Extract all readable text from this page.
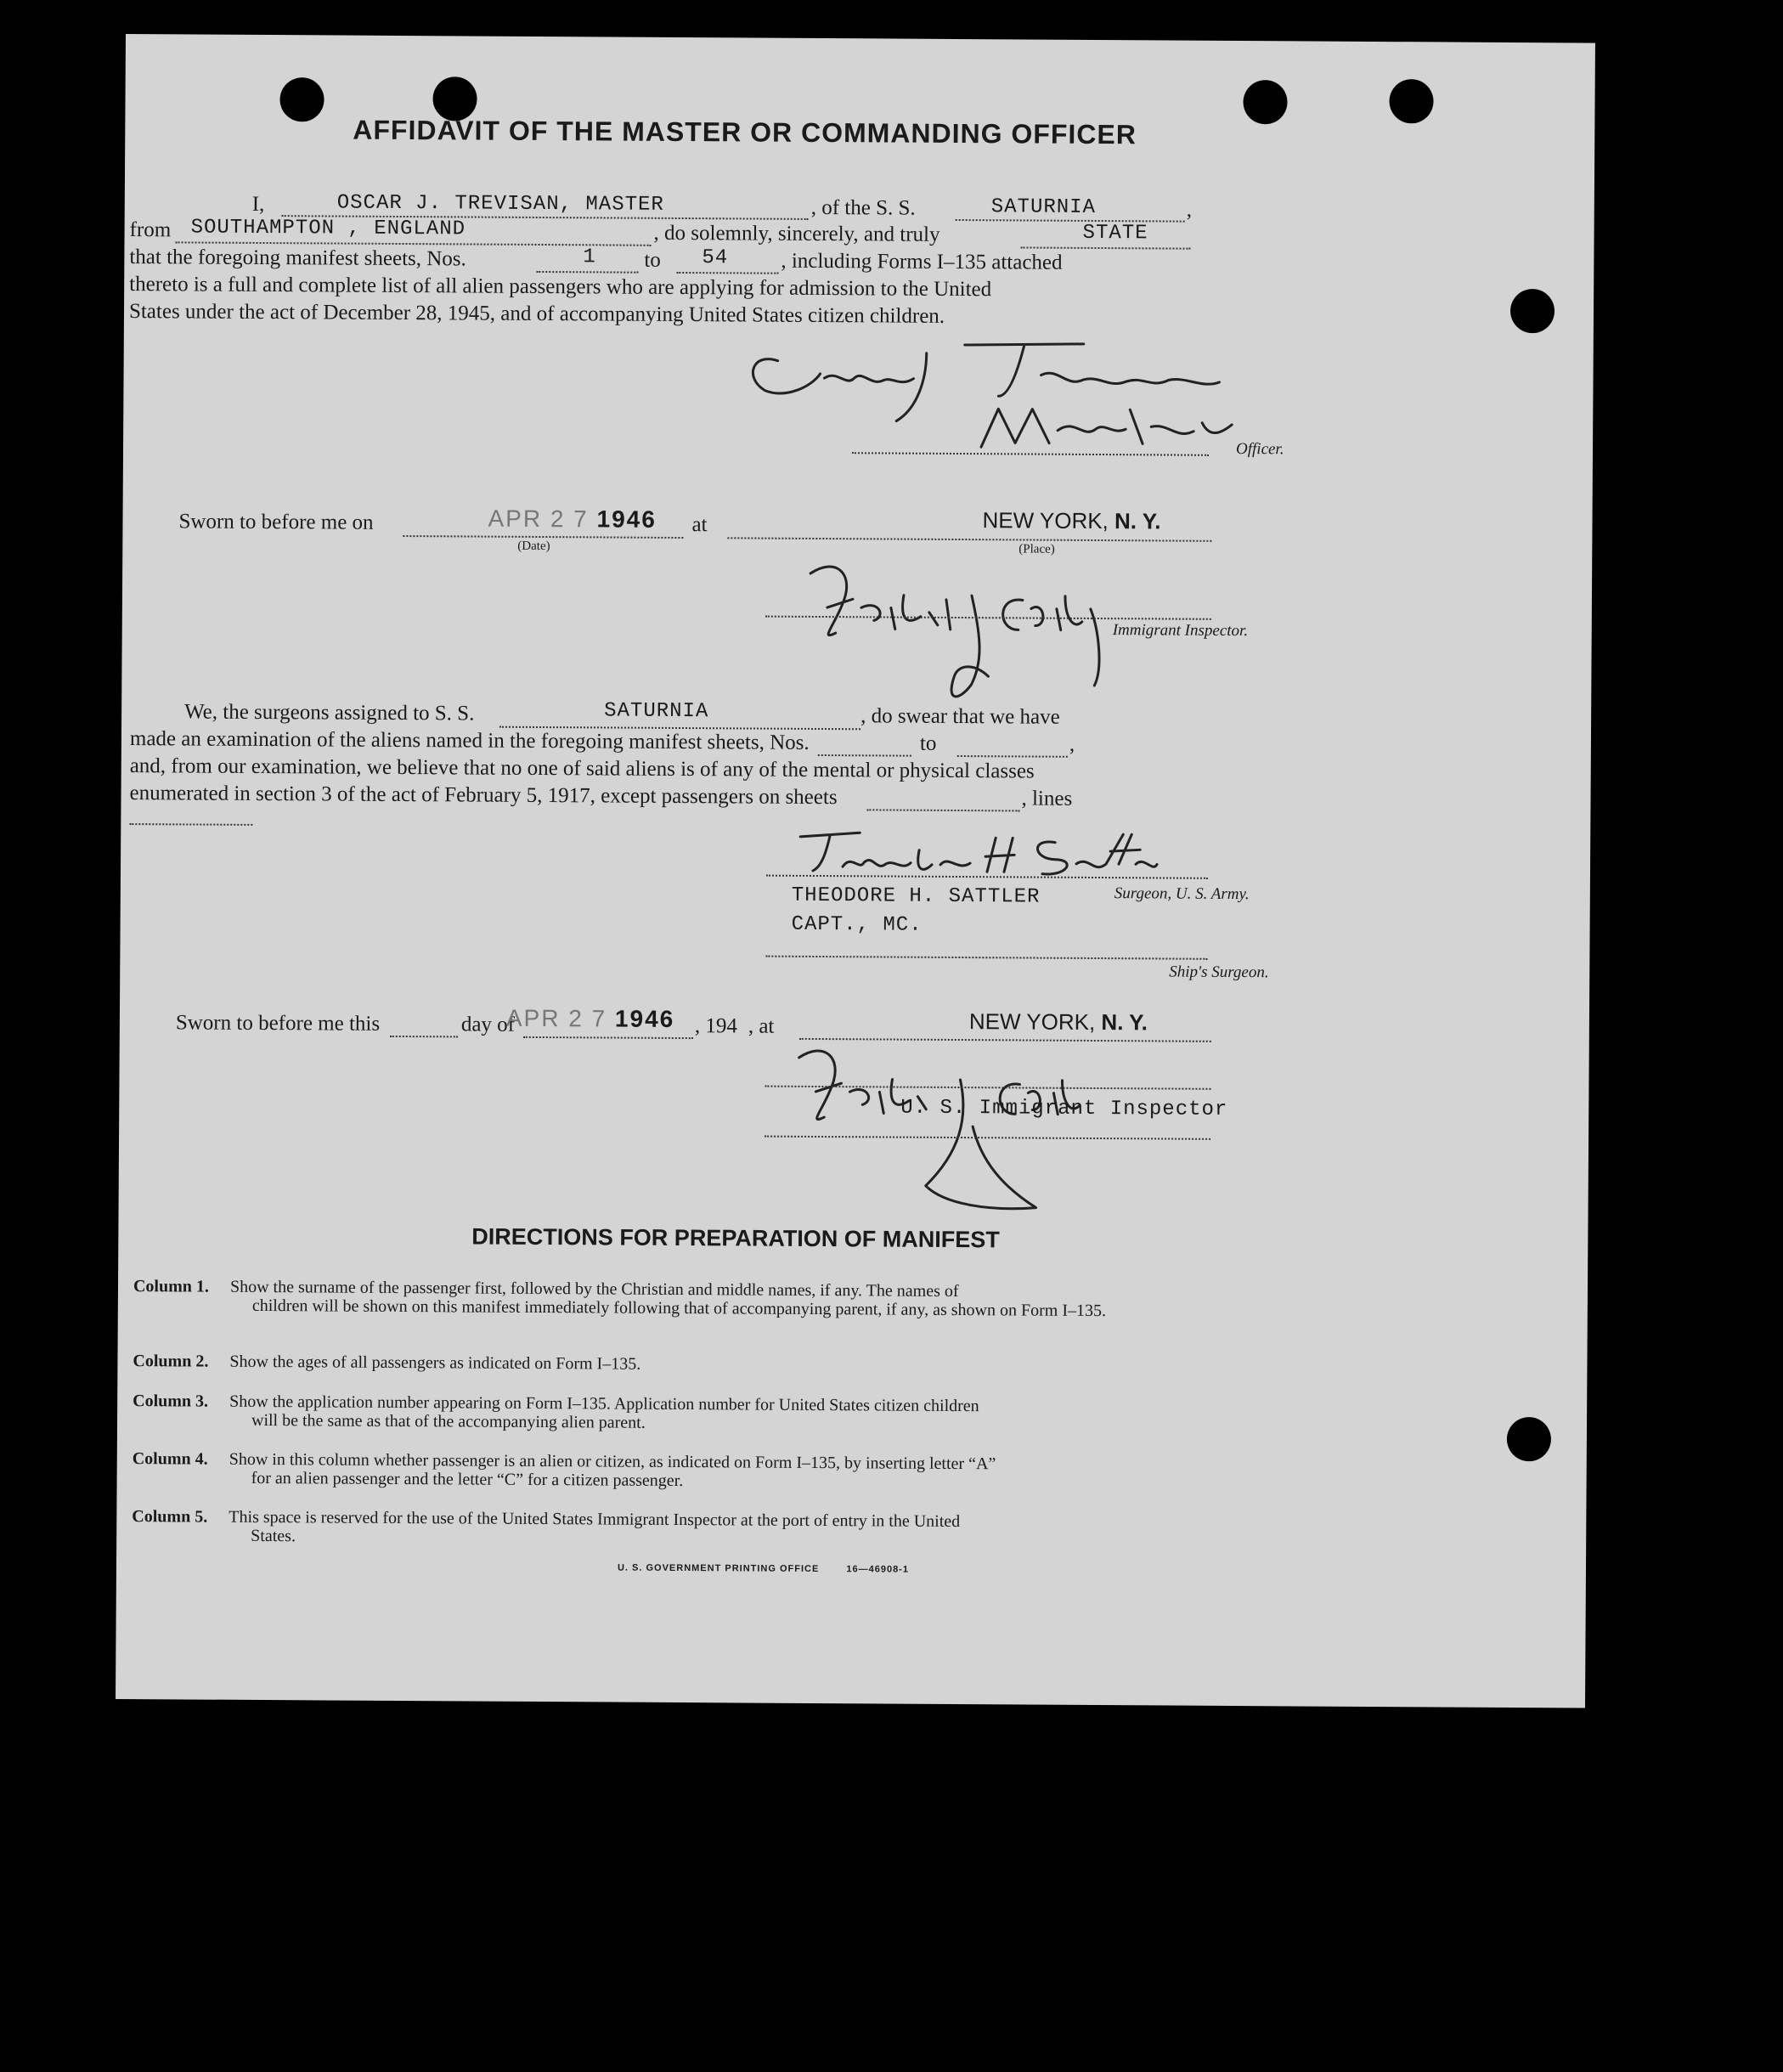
AFFIDAVIT OF THE MASTER OR COMMANDING OFFICER
I,	OSCAR J. TREVISAN, MASTER	, of the S. S.	SATURNIA	,
from SOUTHAMPTON , ENGLAND	, do solemnly, sincerely, and truly	STATE
that the foregoing manifest sheets, Nos.	1 to 54 , including Forms I–135 attached
thereto is a full and complete list of all alien passengers who are applying for admission to the United
States under the act of December 28, 1945, and of accompanying United States citizen children.
Officer.
Sworn to before me on	APR 2 7 1946
(Date)
at	NEW YORK, N. Y.
(Place)
Immigrant Inspector.
We, the surgeons assigned to S. S.	SATURNIA	, do swear that we have
made an examination of the aliens named in the foregoing manifest sheets, Nos.	to	,
and, from our examination, we believe that no one of said aliens is of any of the mental or physical classes
enumerated in section 3 of the act of February 5, 1917, except passengers on sheets	, lines
THEODORE H. SATTLER
CAPT., MC.
Surgeon, U. S. Army.
Ship's Surgeon.
Sworn to before me this	day of
APR 2 7 1946 , 194 , at	NEW YORK, N. Y.
U. S. Immigrant Inspector
DIRECTIONS FOR PREPARATION OF MANIFEST
Column 1. Show the surname of the passenger first, followed by the Christian and middle names, if any. The names of
children will be shown on this manifest immediately following that of accompanying parent, if any, as shown on Form I–135.
Column 2. Show the ages of all passengers as indicated on Form I–135.
Column 3. Show the application number appearing on Form I–135. Application number for United States citizen children
will be the same as that of the accompanying alien parent.
Column 4. Show in this column whether passenger is an alien or citizen, as indicated on Form I–135, by inserting letter “A”
for an alien passenger and the letter “C” for a citizen passenger.
Column 5. This space is reserved for the use of the United States Immigrant Inspector at the port of entry in the United
States.
U. S. GOVERNMENT PRINTING OFFICE	16—46908-1
